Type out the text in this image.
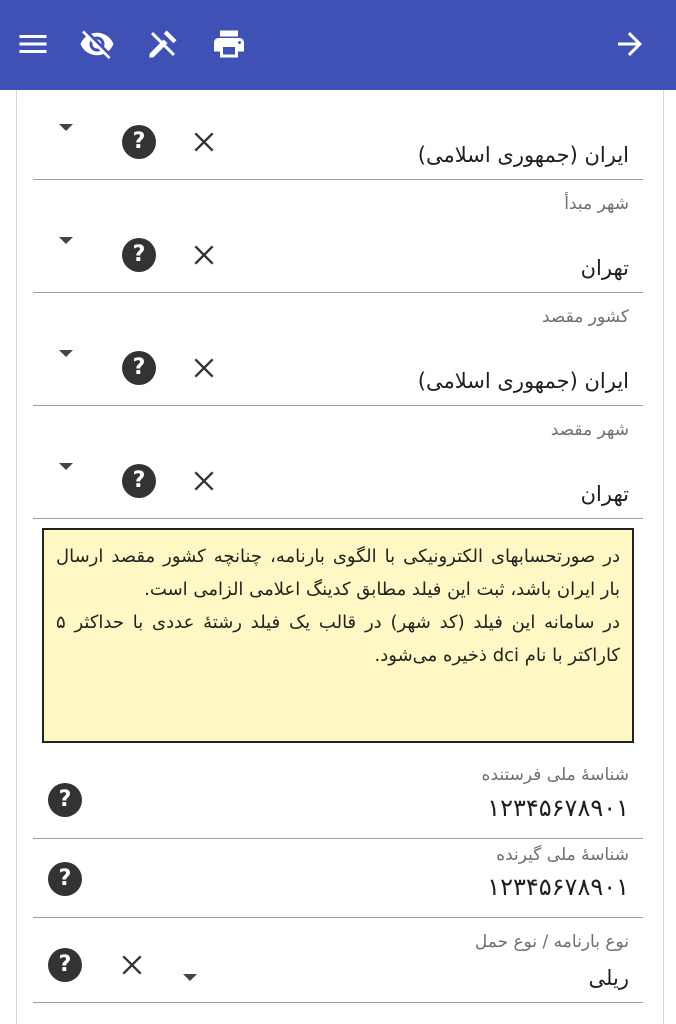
?
ایران (جمهوری اسلامی)
شهر مبدأ
?
تهران
کشور مقصد
?
ایران (جمهوری اسلامی)
شهر مقصد
?
تهران

در صورتحسابهای الکترونیکی با الگوی بارنامه، چنانچه کشور مقصد ارسال بار ایران باشد، ثبت این فیلد مطابق کدینگ اعلامی الزامی است.

در سامانه این فیلد (کد شهر) در قالب یک فیلد رشتهٔ عددی با حداکثر ۵ کاراکتر با نام dci ذخیره می‌شود.

شناسهٔ ملی فرستنده
?	۱۲۳۴۵۶۷۸۹۰۱
شناسهٔ ملی گیرنده
?	۱۲۳۴۵۶۷۸۹۰۱
نوع بارنامه / نوع حمل
?
ریلی
